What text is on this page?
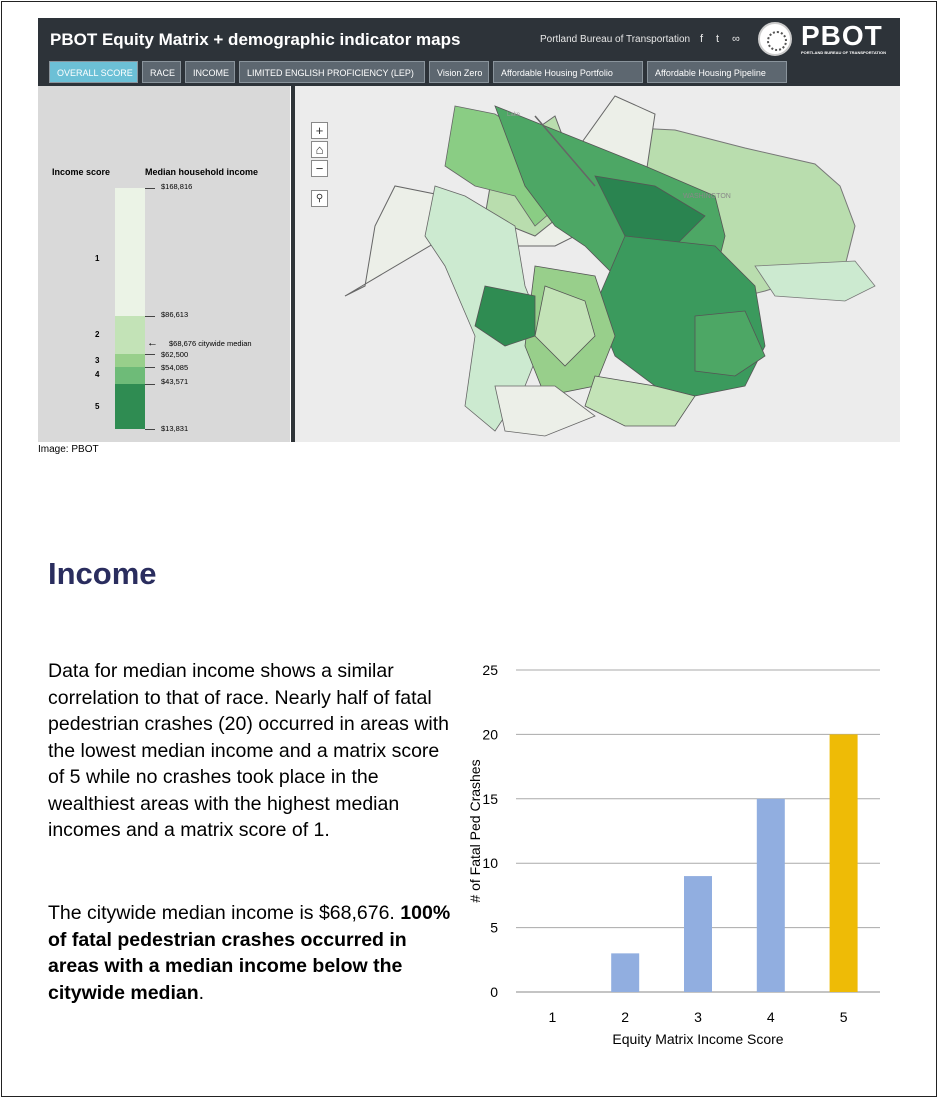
PBOT Equity Matrix + demographic indicator maps	Portland Bureau of Transportation f t ∞ PBOT
PORTLAND BUREAU OF TRANSPORTATION
OVERALL SCORE	RACE	INCOME	LIMITED ENGLISH PROFICIENCY (LEP)	Vision Zero	Affordable Housing Portfolio	Affordable Housing Pipeline
Income score	Median household income
1
2
3
4
5
$168,816
$86,613
← $68,676 citywide median
$62,500
$54,085
$43,571
$13,831
WASHINGTON
Lake
+
⌂
−
⚲
Image: PBOT
Income
Data for median income shows a similar correlation to that of race. Nearly half of fatal pedestrian crashes (20) occurred in areas with the lowest median income and a matrix score of 5 while no crashes took place in the wealthiest areas with the highest median incomes and a matrix score of 1.
The citywide median income is $68,676. 100% of fatal pedestrian crashes occurred in areas with a median income below the citywide median.	0
5
10
15
20
25
1	2	3	4	5
Equity Matrix Income Score
# of Fatal Ped Crashes
